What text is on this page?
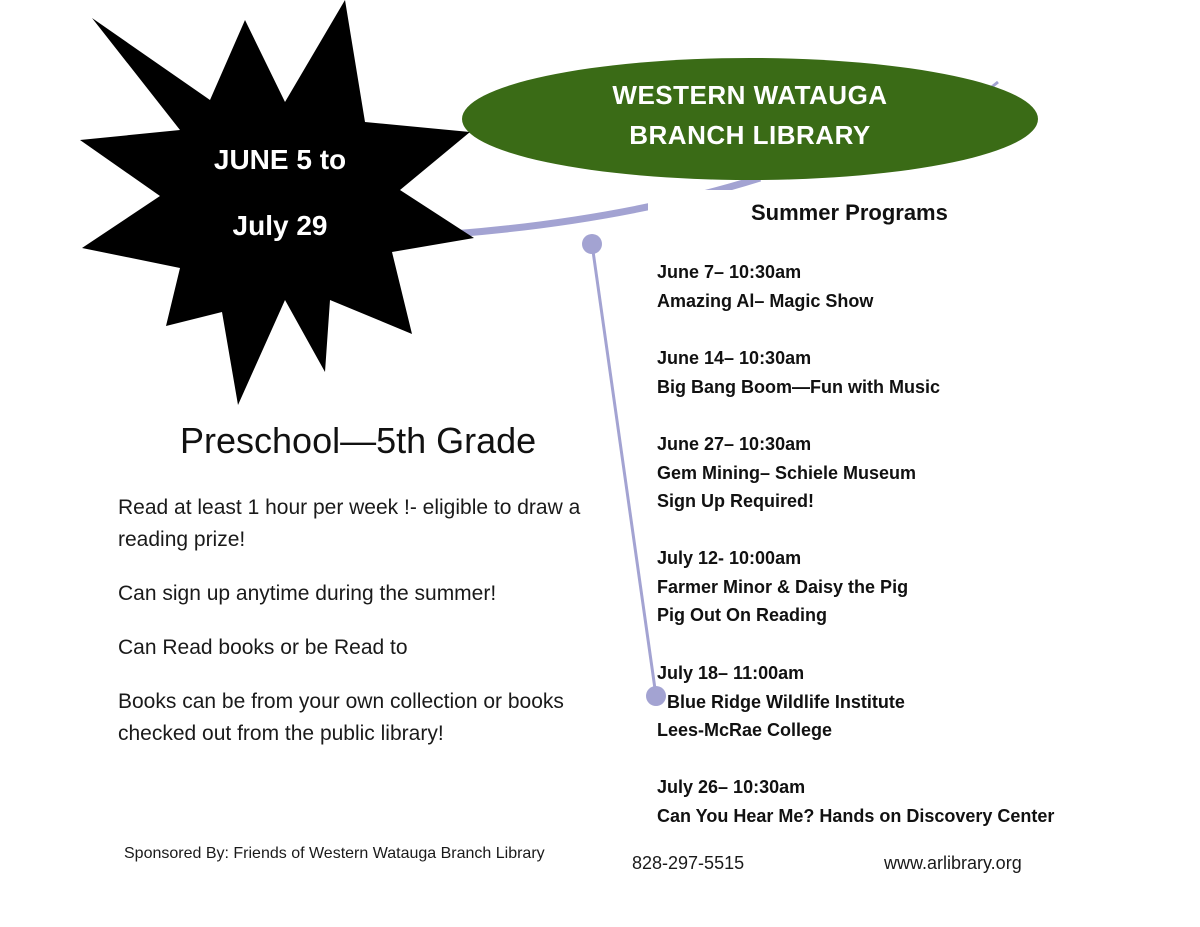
JUNE 5 to
July 29
WESTERN WATAUGA
BRANCH LIBRARY
Summer Programs
June 7– 10:30am
Amazing Al– Magic Show
June 14– 10:30am
Big Bang Boom—Fun with Music
June 27– 10:30am
Gem Mining– Schiele Museum
Sign Up Required!
July 12- 10:00am
Farmer Minor & Daisy the Pig
Pig Out On Reading
July 18– 11:00am
Blue Ridge Wildlife Institute
Lees-McRae College
July 26– 10:30am
Can You Hear Me? Hands on Discovery Center
Preschool—5th Grade
Read at least 1 hour per week !- eligible to draw a reading prize!
Can sign up anytime during the summer!
Can Read books or be Read to
Books can be from your own collection or books checked out from the public library!
Sponsored By: Friends of Western Watauga Branch Library	828-297-5515	www.arlibrary.org
